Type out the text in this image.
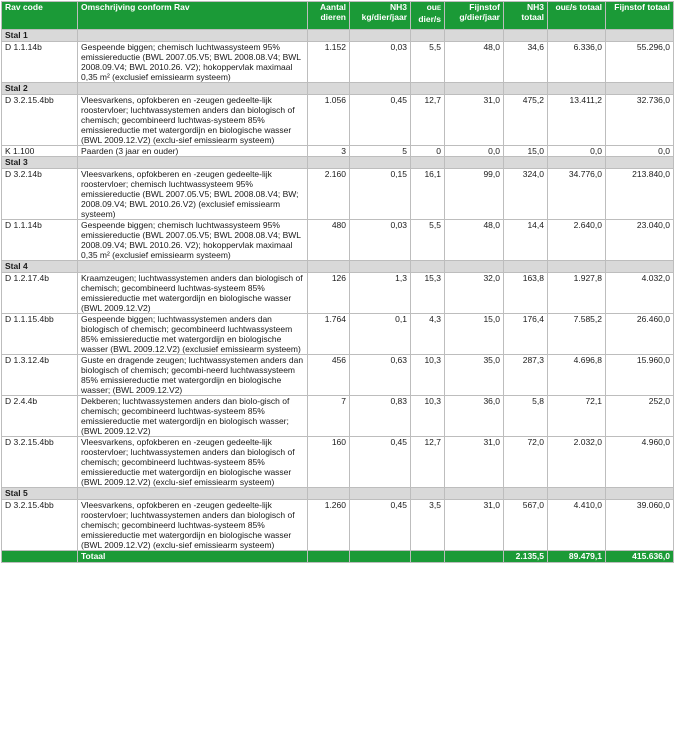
Rav code	Omschrijving conform Rav	Aantal dieren	NH3 kg/dier/jaar	ouE dier/s	Fijnstof g/dier/jaar	NH3 totaal	ouE/s totaal	Fijnstof totaal
Stal 1								
D 1.1.14b	Gespeende biggen; chemisch luchtwassysteem 95% emissiereductie (BWL 2007.05.V5; BWL 2008.08.V4; BWL 2008.09.V4; BWL 2010.26. V2); hokoppervlak maximaal 0,35 m² (exclusief emissiearm systeem)	1.152	0,03	5,5	48,0	34,6	6.336,0	55.296,0
Stal 2								
D 3.2.15.4bb	Vleesvarkens, opfokberen en -zeugen gedeelte-lijk roostervloer; luchtwassystemen anders dan biologisch of chemisch; gecombineerd luchtwas-systeem 85% emissiereductie met watergordijn en biologische wasser (BWL 2009.12.V2) (exclu-sief emissiearm systeem)	1.056	0,45	12,7	31,0	475,2	13.411,2	32.736,0
K 1.100	Paarden (3 jaar en ouder)	3	5	0	0,0	15,0	0,0	0,0
Stal 3								
D 3.2.14b	Vleesvarkens, opfokberen en -zeugen gedeelte-lijk roostervloer; chemisch luchtwassysteem 95% emissiereductie (BWL 2007.05.V5; BWL 2008.08.V4; BW; 2008.09.V4; BWL 2010.26.V2) (exclusief emissiearm systeem)	2.160	0,15	16,1	99,0	324,0	34.776,0	213.840,0
D 1.1.14b	Gespeende biggen; chemisch luchtwassysteem 95% emissiereductie (BWL 2007.05.V5; BWL 2008.08.V4; BWL 2008.09.V4; BWL 2010.26. V2); hokoppervlak maximaal 0,35 m² (exclusief emissiearm systeem)	480	0,03	5,5	48,0	14,4	2.640,0	23.040,0
Stal 4								
D 1.2.17.4b	Kraamzeugen; luchtwassystemen anders dan biologisch of chemisch; gecombineerd luchtwas-systeem 85% emissiereductie met watergordijn en biologische wasser (BWL 2009.12.V2)	126	1,3	15,3	32,0	163,8	1.927,8	4.032,0
D 1.1.15.4bb	Gespeende biggen; luchtwassystemen anders dan biologisch of chemisch; gecombineerd luchtwassysteem 85% emissiereductie met watergordijn en biologische wasser (BWL 2009.12.V2) (exclusief emissiearm systeem)	1.764	0,1	4,3	15,0	176,4	7.585,2	26.460,0
D 1.3.12.4b	Guste en dragende zeugen; luchtwassystemen anders dan biologisch of chemisch; gecombi-neerd luchtwassysteem 85% emissiereductie met watergordijn en biologische wasser; (BWL 2009.12.V2)	456	0,63	10,3	35,0	287,3	4.696,8	15.960,0
D 2.4.4b	Dekberen; luchtwassystemen anders dan biolo-gisch of chemisch; gecombineerd luchtwas-systeem 85% emissiereductie met watergordijn en biologisch wasser; (BWL 2009.12.V2)	7	0,83	10,3	36,0	5,8	72,1	252,0
D 3.2.15.4bb	Vleesvarkens, opfokberen en -zeugen gedeelte-lijk roostervloer; luchtwassystemen anders dan biologisch of chemisch; gecombineerd luchtwas-systeem 85% emissiereductie met watergordijn en biologische wasser (BWL 2009.12.V2) (exclu-sief emissiearm systeem)	160	0,45	12,7	31,0	72,0	2.032,0	4.960,0
Stal 5								
D 3.2.15.4bb	Vleesvarkens, opfokberen en -zeugen gedeelte-lijk roostervloer; luchtwassystemen anders dan biologisch of chemisch; gecombineerd luchtwas-systeem 85% emissiereductie met watergordijn en biologische wasser (BWL 2009.12.V2) (exclu-sief emissiearm systeem)	1.260	0,45	3,5	31,0	567,0	4.410,0	39.060,0
	Totaal					2.135,5	89.479,1	415.636,0
